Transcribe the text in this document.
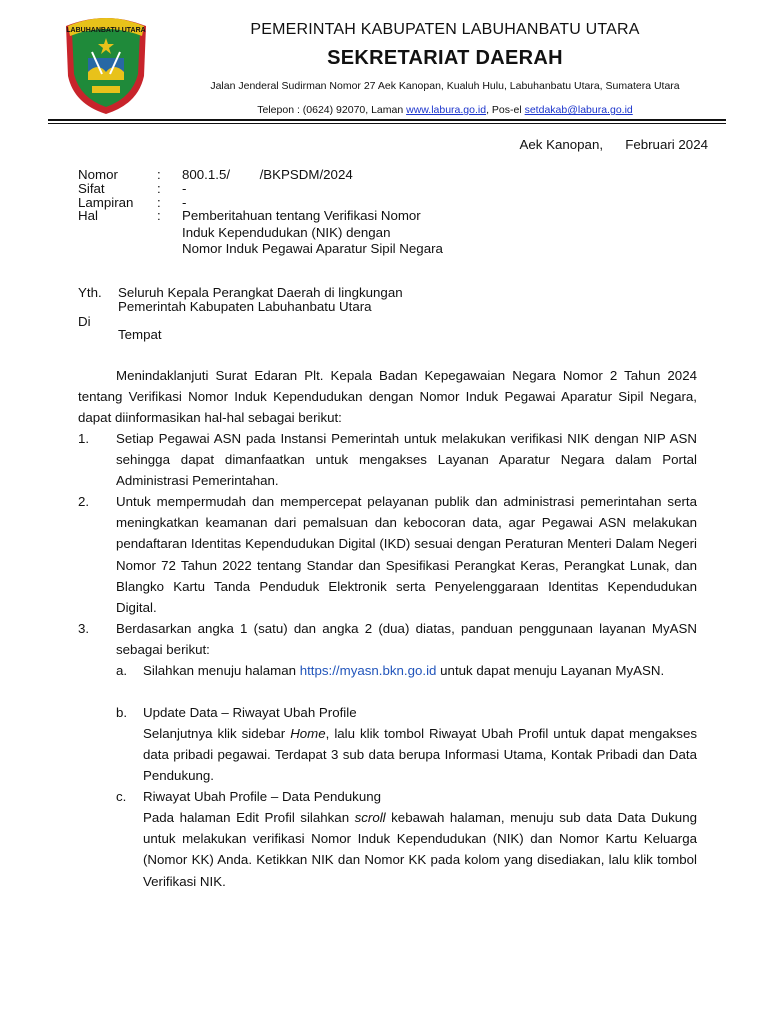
LABUHANBATU UTARA	PEMERINTAH KABUPATEN LABUHANBATU UTARA
SEKRETARIAT DAERAH
Jalan Jenderal Sudirman Nomor 27 Aek Kanopan, Kualuh Hulu, Labuhanbatu Utara, Sumatera Utara
Telepon : (0624) 92070, Laman www.labura.go.id, Pos-el setdakab@labura.go.id
Aek Kanopan,      Februari 2024
Nomor	: 800.1.5/        /BKPSDM/2024
Sifat	: -
Lampiran : -
Hal	: Pemberitahuan tentang Verifikasi Nomor
Induk Kependudukan (NIK) dengan
Nomor Induk Pegawai Aparatur Sipil Negara
Yth. Seluruh Kepala Perangkat Daerah di lingkungan
Pemerintah Kabupaten Labuhanbatu Utara
Di
Tempat
Menindaklanjuti Surat Edaran Plt. Kepala Badan Kepegawaian Negara Nomor 2 Tahun 2024 tentang Verifikasi Nomor Induk Kependudukan dengan Nomor Induk Pegawai Aparatur Sipil Negara, dapat diinformasikan hal-hal sebagai berikut:
1. Setiap Pegawai ASN pada Instansi Pemerintah untuk melakukan verifikasi NIK dengan NIP ASN sehingga dapat dimanfaatkan untuk mengakses Layanan Aparatur Negara dalam Portal Administrasi Pemerintahan.
2. Untuk mempermudah dan mempercepat pelayanan publik dan administrasi pemerintahan serta meningkatkan keamanan dari pemalsuan dan kebocoran data, agar Pegawai ASN melakukan pendaftaran Identitas Kependudukan Digital (IKD) sesuai dengan Peraturan Menteri Dalam Negeri Nomor 72 Tahun 2022 tentang Standar dan Spesifikasi Perangkat Keras, Perangkat Lunak, dan Blangko Kartu Tanda Penduduk Elektronik serta Penyelenggaraan Identitas Kependudukan Digital.
3. Berdasarkan angka 1 (satu) dan angka 2 (dua) diatas, panduan penggunaan layanan MyASN sebagai berikut:
a. Silahkan menuju halaman https://myasn.bkn.go.id untuk dapat menuju Layanan MyASN.
b. Update Data – Riwayat Ubah Profile
Selanjutnya klik sidebar Home, lalu klik tombol Riwayat Ubah Profil untuk dapat mengakses data pribadi pegawai. Terdapat 3 sub data berupa Informasi Utama, Kontak Pribadi dan Data Pendukung.
c. Riwayat Ubah Profile – Data Pendukung
Pada halaman Edit Profil silahkan scroll kebawah halaman, menuju sub data Data Dukung untuk melakukan verifikasi Nomor Induk Kependudukan (NIK) dan Nomor Kartu Keluarga (Nomor KK) Anda. Ketikkan NIK dan Nomor KK pada kolom yang disediakan, lalu klik tombol Verifikasi NIK.
